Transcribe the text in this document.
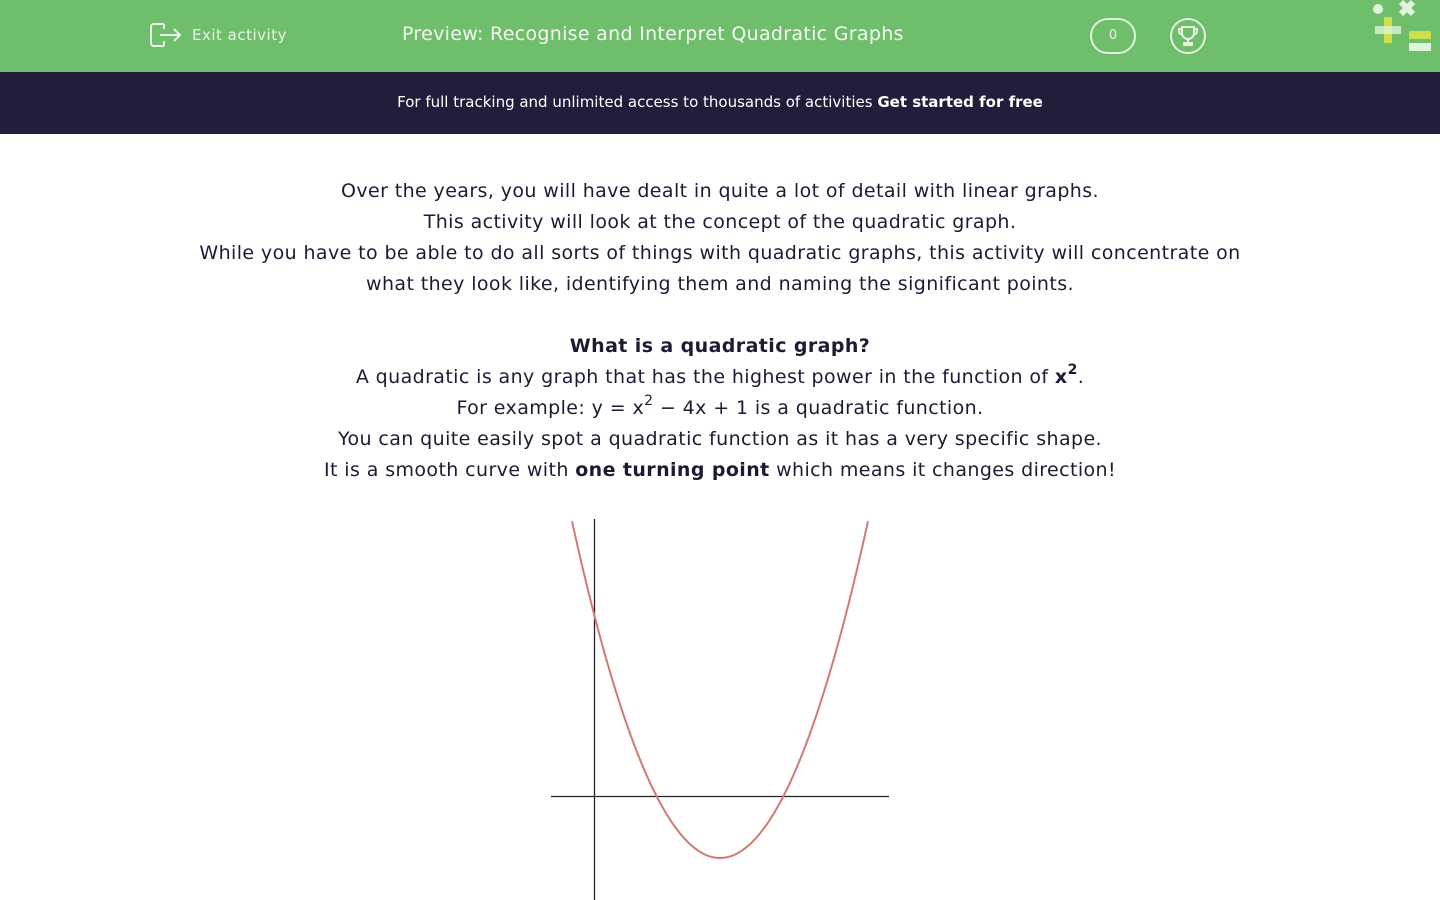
Exit activity	Preview: Recognise and Interpret Quadratic Graphs	0
For full tracking and unlimited access to thousands of activities Get started for free

Over the years, you will have dealt in quite a lot of detail with linear graphs.

This activity will look at the concept of the quadratic graph.

While you have to be able to do all sorts of things with quadratic graphs, this activity will concentrate on

what they look like, identifying them and naming the significant points.

What is a quadratic graph?

A quadratic is any graph that has the highest power in the function of $x^2$.

For example: $y = x^2 - 4x + 1$ is a quadratic function.

You can quite easily spot a quadratic function as it has a very specific shape.

It is a smooth curve with one turning point which means it changes direction!
